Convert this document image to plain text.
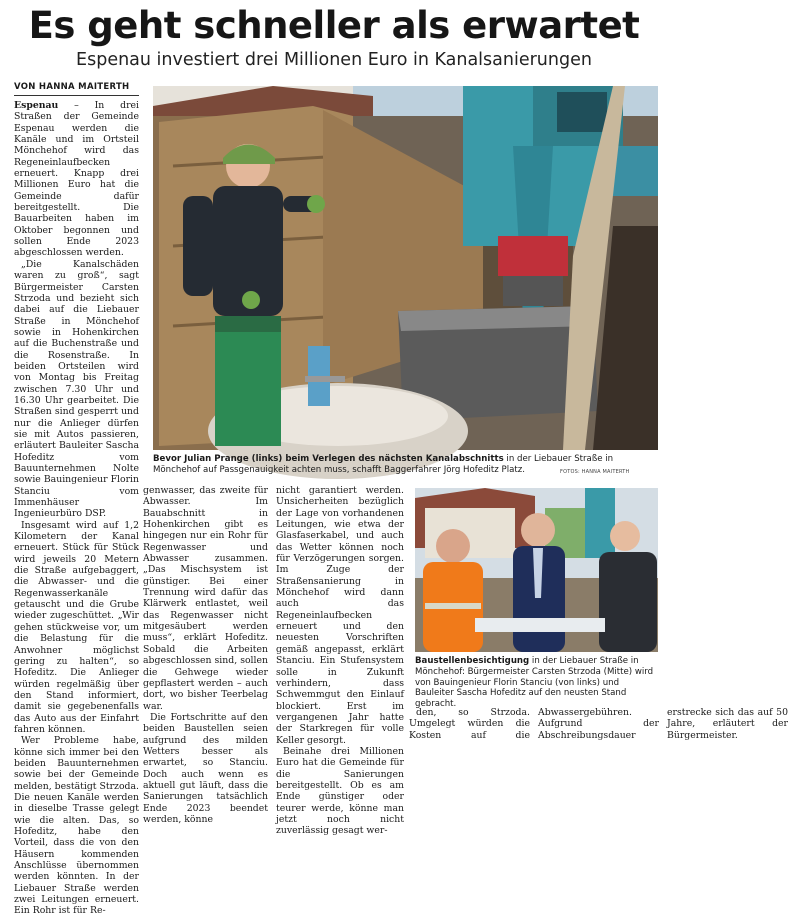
Es geht schneller als erwartet
Espenau investiert drei Millionen Euro in Kanalsanierungen
VON HANNA MAITERTH

Espenau – In drei Straßen der Gemeinde Espenau werden die Kanäle und im Ortsteil Mönchehof wird das Regeneinlaufbecken erneuert. Knapp drei Millionen Euro hat die Gemeinde dafür bereitgestellt. Die Bauarbeiten haben im Oktober begonnen und sollen Ende 2023 abgeschlossen werden.

„Die Kanalschäden waren zu groß“, sagt Bürgermeister Carsten Strzoda und bezieht sich dabei auf die Liebauer Straße in Mönchehof sowie in Hohenkirchen auf die Buchenstraße und die Rosenstraße. In beiden Ortsteilen wird von Montag bis Freitag zwischen 7.30 Uhr und 16.30 Uhr gearbeitet. Die Straßen sind gesperrt und nur die Anlieger dürfen sie mit Autos passieren, erläutert Bauleiter Sascha Hofeditz vom Bauunternehmen Nolte sowie Bauingenieur Florin Stanciu vom Immenhäuser Ingenieurbüro DSP.

Insgesamt wird auf 1,2 Kilometern der Kanal erneuert. Stück für Stück wird jeweils 20 Metern die Straße aufgebaggert, die Abwasser- und die Regenwasserkanäle getauscht und die Grube wieder zugeschüttet. „Wir gehen stückweise vor, um die Belastung für die Anwohner möglichst gering zu halten“, so Hofeditz. Die Anlieger würden regelmäßig über den Stand informiert, damit sie gegebenenfalls das Auto aus der Einfahrt fahren können.

Wer Probleme habe, könne sich immer bei den beiden Bauunternehmen sowie bei der Gemeinde melden, bestätigt Strzoda. Die neuen Kanäle werden in dieselbe Trasse gelegt wie die alten. Das, so Hofeditz, habe den Vorteil, dass die von den Häusern kommenden Anschlüsse übernommen werden könnten. In der Liebauer Straße werden zwei Leitungen erneuert. Ein Rohr ist für Re-

Bevor Julian Prange (links) beim Verlegen des nächsten Kanalabschnitts in der Liebauer Straße in Mönchehof auf Passgenauigkeit achten muss, schafft Baggerfahrer Jörg Hofeditz Platz.	FOTOS: HANNA MAITERTH

genwasser, das zweite für Abwasser. Im Bauabschnitt in Hohenkirchen gibt es hingegen nur ein Rohr für Regenwasser und Abwasser zusammen. „Das Mischsystem ist günstiger. Bei einer Trennung wird dafür das Klärwerk entlastet, weil das Regenwasser nicht mitgesäubert werden muss“, erklärt Hofeditz. Sobald die Arbeiten abgeschlossen sind, sollen die Gehwege wieder gepflastert werden – auch dort, wo bisher Teerbelag war.

Die Fortschritte auf den beiden Baustellen seien aufgrund des milden Wetters besser als erwartet, so Stanciu. Doch auch wenn es aktuell gut läuft, dass die Sanierungen tatsächlich Ende 2023 beendet werden, könne

nicht garantiert werden. Unsicherheiten bezüglich der Lage von vorhandenen Leitungen, wie etwa der Glasfaserkabel, und auch das Wetter können noch für Verzögerungen sorgen. Im Zuge der Straßensanierung in Mönchehof wird dann auch das Regeneinlaufbecken erneuert und den neuesten Vorschriften gemäß angepasst, erklärt Stanciu. Ein Stufensystem solle in Zukunft verhindern, dass Schwemmgut den Einlauf blockiert. Erst im vergangenen Jahr hatte der Starkregen für volle Keller gesorgt.

Beinahe drei Millionen Euro hat die Gemeinde für die Sanierungen bereitgestellt. Ob es am Ende günstiger oder teurer werde, könne man jetzt noch nicht zuverlässig gesagt wer-

Baustellenbesichtigung in der Liebauer Straße in Mönchehof: Bürgermeister Carsten Strzoda (Mitte) wird von Bauingenieur Florin Stanciu (von links) und Bauleiter Sascha Hofeditz auf den neusten Stand gebracht.

den, so Strzoda. Umgelegt würden die Kosten auf die Abwassergebühren. Aufgrund	der Abschreibungsdauer erstrecke sich das auf 50 Jahre, erläutert der Bürgermeister.
